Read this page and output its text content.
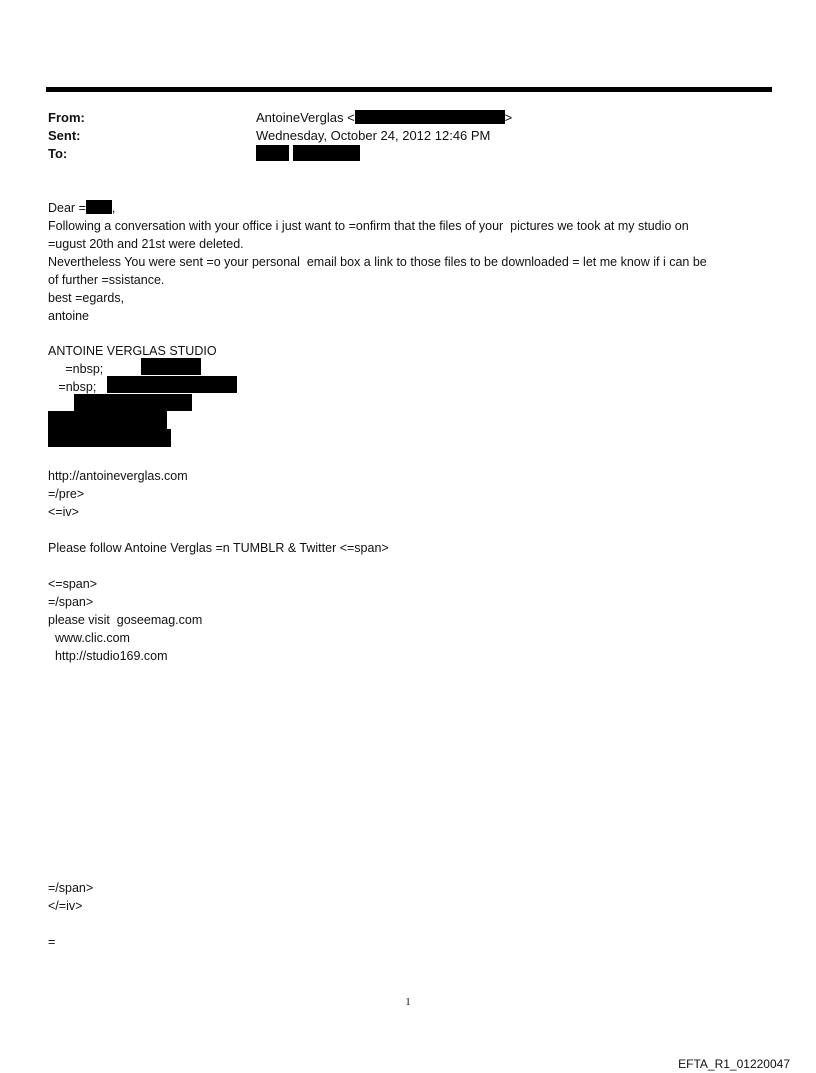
From:
Sent:
To:
AntoineVerglas <	>
Wednesday, October 24, 2012 12:46 PM
Dear = ,
Following a conversation with your office i just want to =onfirm that the files of your  pictures we took at my studio on
=ugust 20th and 21st were deleted.
Nevertheless You were sent =o your personal  email box a link to those files to be downloaded = let me know if i can be
of further =ssistance.
best =egards,
antoine
ANTOINE VERGLAS STUDIO
=nbsp;
=nbsp;
http://antoineverglas.com
=/pre>
<=iv>
Please follow Antoine Verglas =n TUMBLR & Twitter <=span>
<=span>
=/span>
please visit  goseemag.com
www.clic.com
http://studio169.com
=/span>
</=iv>
=
1
EFTA_R1_01220047
